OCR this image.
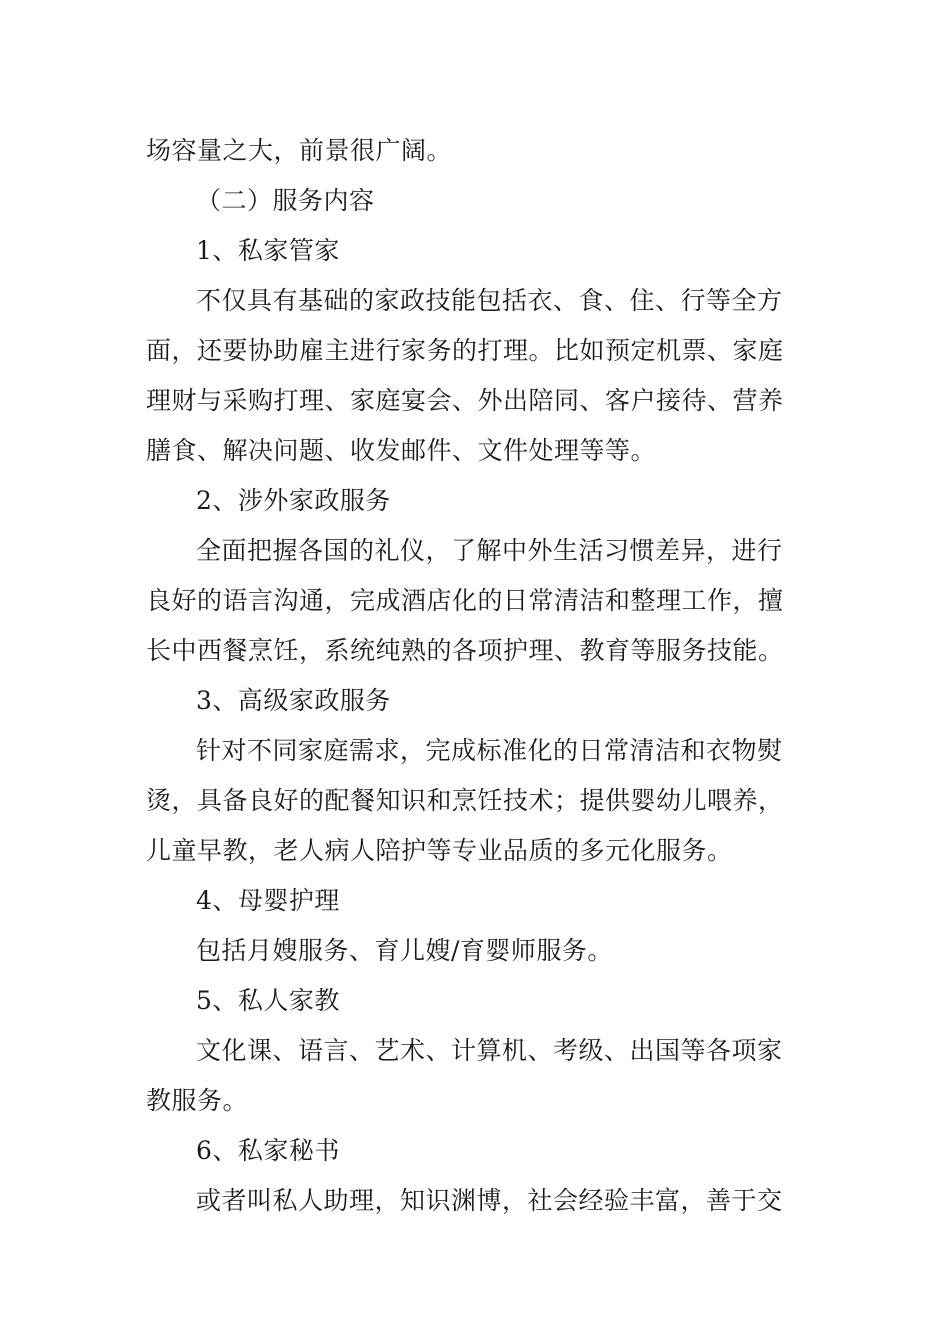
场容量之大，前景很广阔。
（二）服务内容
1、私家管家
不仅具有基础的家政技能包括衣、食、住、行等全方
面，还要协助雇主进行家务的打理。比如预定机票、家庭
理财与采购打理、家庭宴会、外出陪同、客户接待、营养
膳食、解决问题、收发邮件、文件处理等等。
2、涉外家政服务
全面把握各国的礼仪，了解中外生活习惯差异，进行
良好的语言沟通，完成酒店化的日常清洁和整理工作，擅
长中西餐烹饪，系统纯熟的各项护理、教育等服务技能。
3、高级家政服务
针对不同家庭需求，完成标准化的日常清洁和衣物熨
烫，具备良好的配餐知识和烹饪技术；提供婴幼儿喂养，
儿童早教，老人病人陪护等专业品质的多元化服务。
4、母婴护理
包括月嫂服务、育儿嫂/育婴师服务。
5、私人家教
文化课、语言、艺术、计算机、考级、出国等各项家
教服务。
6、私家秘书
或者叫私人助理，知识渊博，社会经验丰富，善于交
